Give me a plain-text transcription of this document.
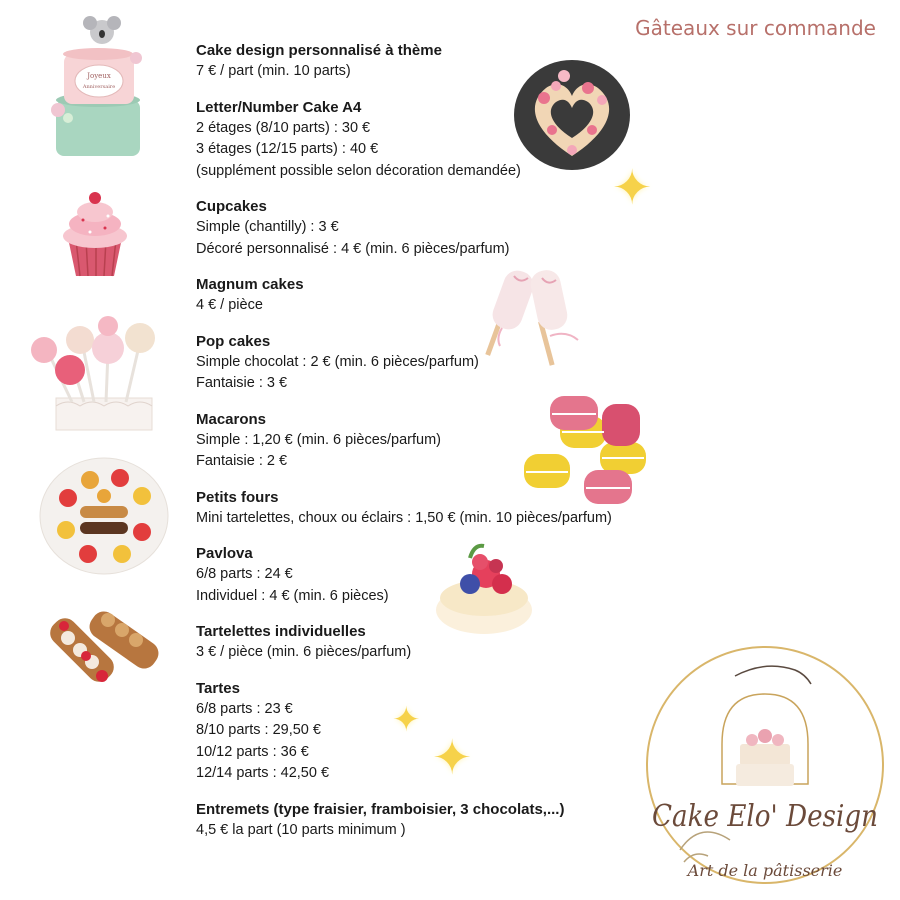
Gâteaux sur commande
Cake design personnalisé à thème
7 € / part (min. 10 parts)
Letter/Number Cake A4
2 étages (8/10 parts) : 30 €
3 étages (12/15 parts) : 40 €
(supplément possible selon décoration demandée)
Cupcakes
Simple (chantilly) : 3 €
Décoré personnalisé : 4 € (min. 6 pièces/parfum)
Magnum cakes
4 € / pièce
Pop cakes
Simple chocolat : 2 € (min. 6 pièces/parfum)
Fantaisie : 3 €
Macarons
Simple : 1,20 € (min. 6 pièces/parfum)
Fantaisie : 2 €
Petits fours
Mini tartelettes, choux ou éclairs : 1,50 € (min. 10 pièces/parfum)
Pavlova
6/8 parts : 24 €
Individuel : 4 € (min. 6 pièces)
Tartelettes individuelles
3 € / pièce (min. 6 pièces/parfum)
Tartes
6/8 parts : 23 €
8/10 parts : 29,50 €
10/12 parts : 36 €
12/14 parts : 42,50 €
Entremets (type fraisier, framboisier, 3 chocolats,...)
4,5 € la part (10 parts minimum )
Joyeux
Anniversaire
✦
✦
✦
Cake Elo' Design
Art de la pâtisserie
